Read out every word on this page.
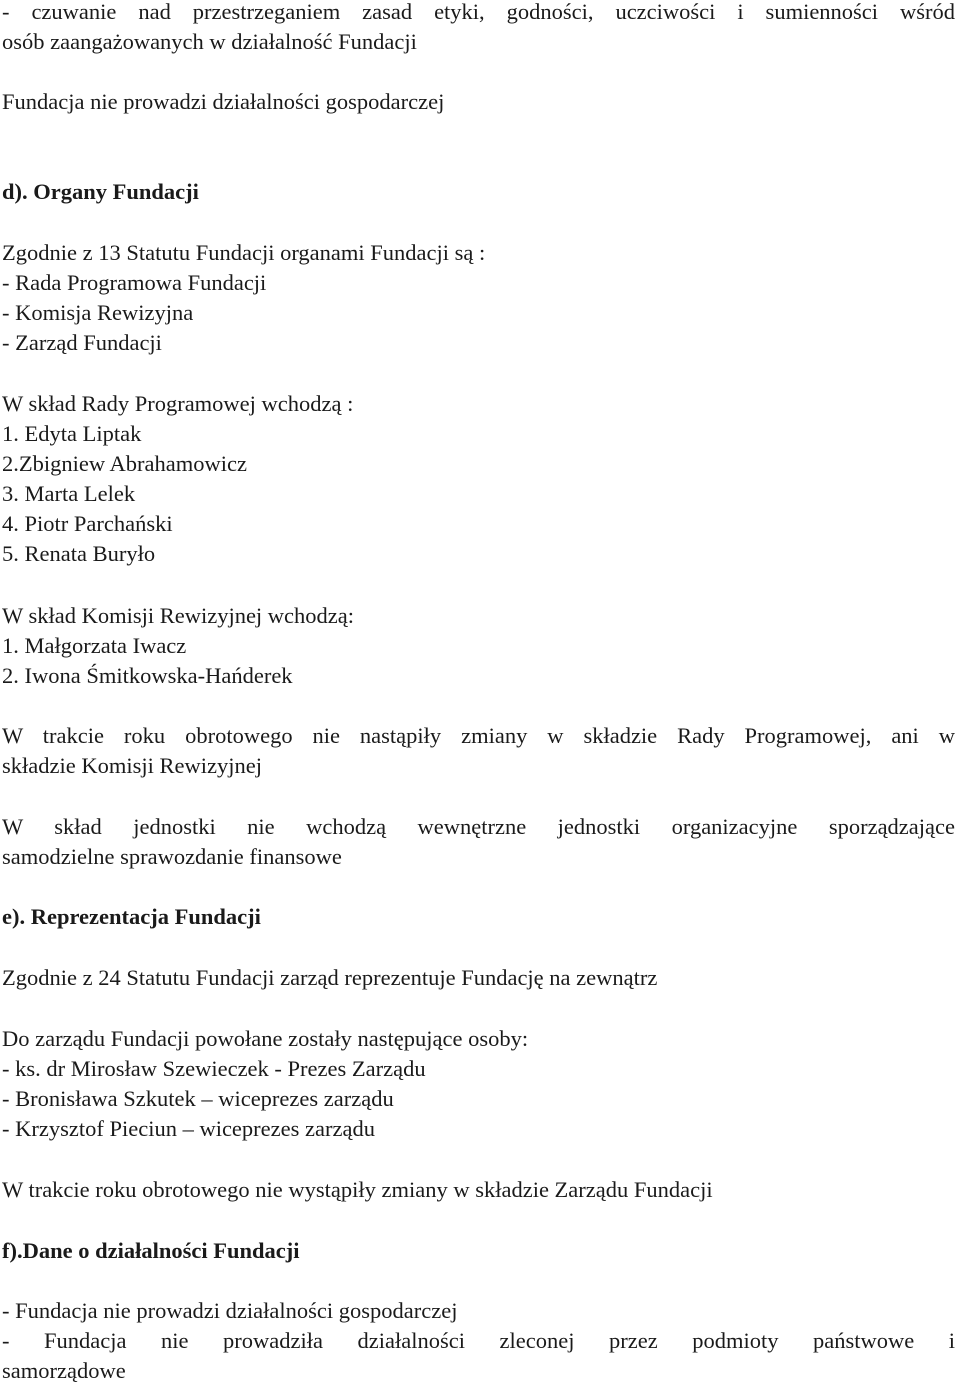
- czuwanie nad przestrzeganiem zasad etyki, godności, uczciwości i sumienności wśród
osób zaangażowanych w działalność Fundacji
Fundacja nie prowadzi działalności gospodarczej
d). Organy Fundacji
Zgodnie z 13 Statutu Fundacji organami Fundacji są :
- Rada Programowa Fundacji
- Komisja Rewizyjna
- Zarząd Fundacji
W skład Rady Programowej wchodzą :
1. Edyta Liptak
2.Zbigniew Abrahamowicz
3. Marta Lelek
4. Piotr Parchański
5. Renata Buryło
W skład Komisji Rewizyjnej wchodzą:
1. Małgorzata Iwacz
2. Iwona Śmitkowska-Hańderek
W trakcie roku obrotowego nie nastąpiły zmiany w składzie Rady Programowej, ani w
składzie Komisji Rewizyjnej
W skład jednostki nie wchodzą wewnętrzne jednostki organizacyjne sporządzające
samodzielne sprawozdanie finansowe
e). Reprezentacja Fundacji
Zgodnie z 24 Statutu Fundacji zarząd reprezentuje Fundację na zewnątrz
Do zarządu Fundacji powołane zostały następujące osoby:
- ks. dr Mirosław Szewieczek - Prezes Zarządu
- Bronisława Szkutek – wiceprezes zarządu
- Krzysztof Pieciun – wiceprezes zarządu
W trakcie roku obrotowego nie wystąpiły zmiany w składzie Zarządu Fundacji
f).Dane o działalności Fundacji
- Fundacja nie prowadzi działalności gospodarczej
- Fundacja nie prowadziła działalności zleconej przez podmioty państwowe i
samorządowe
